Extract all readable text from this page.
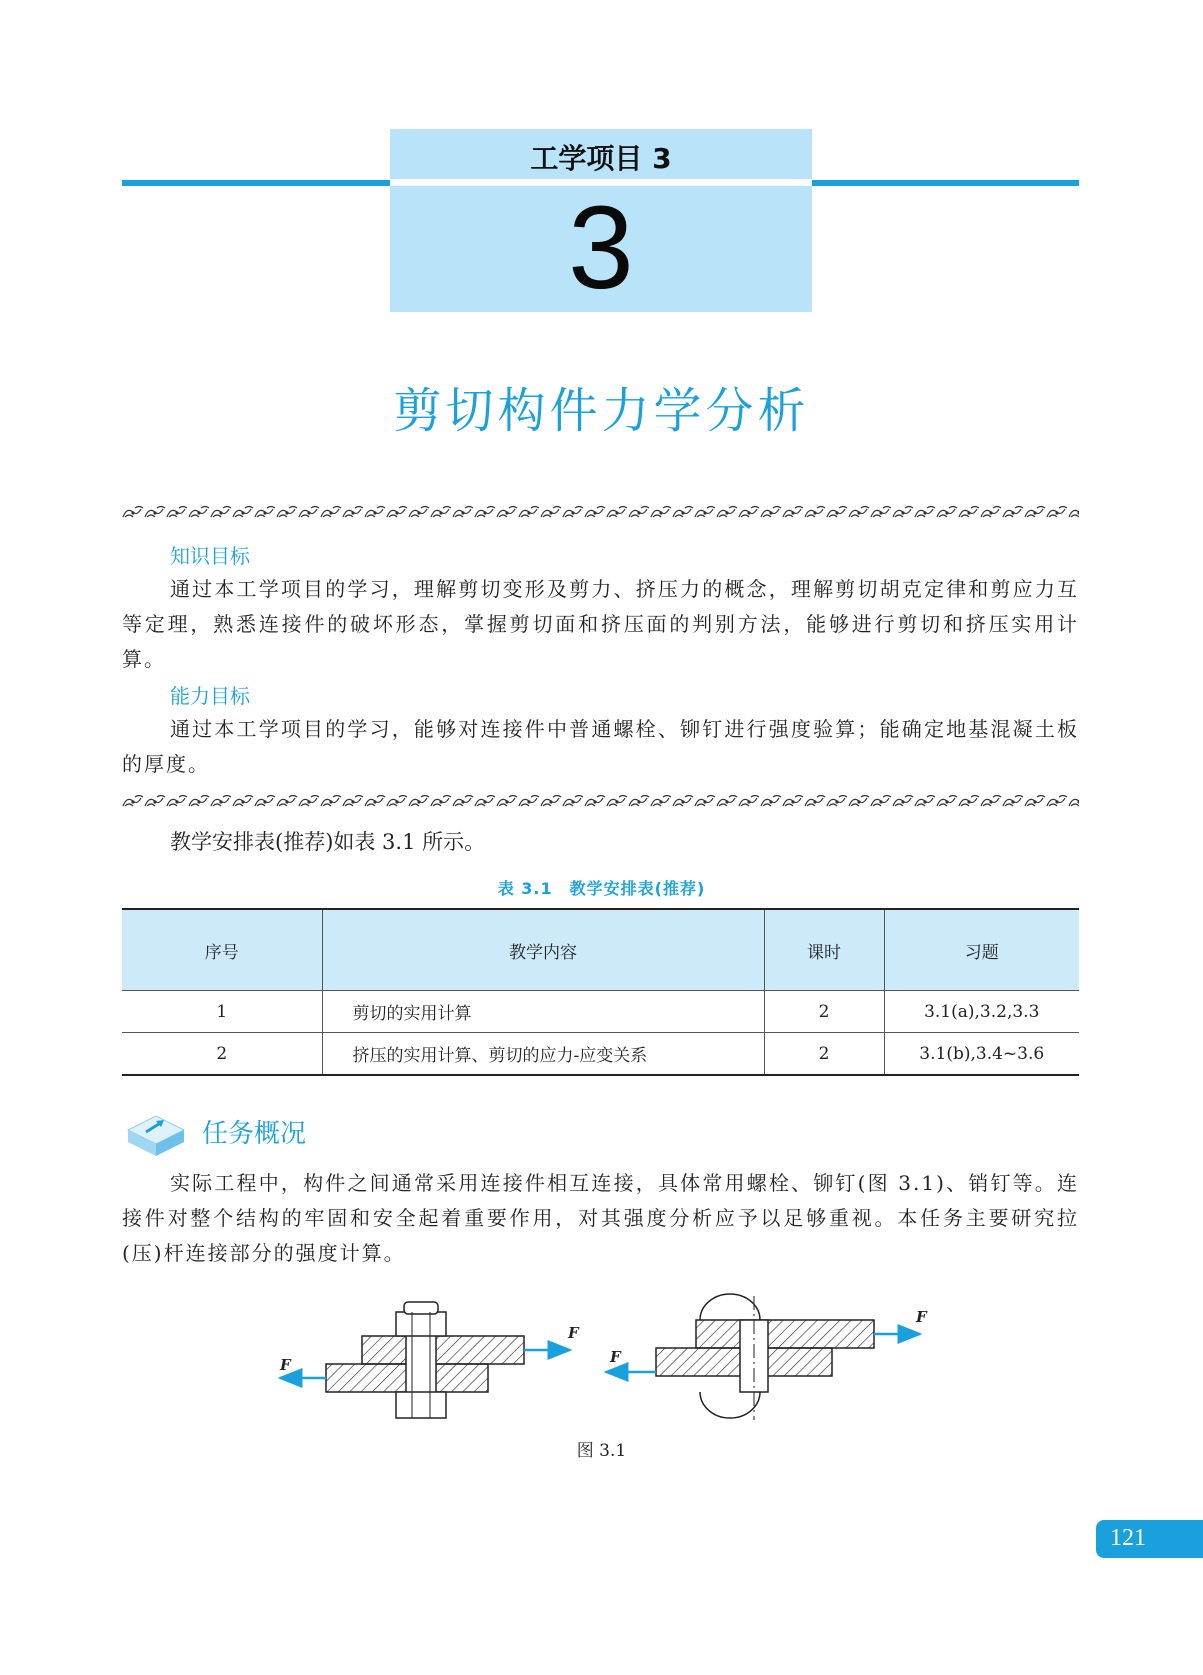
工学项目 3
3
剪切构件力学分析
知识目标
通过本工学项目的学习，理解剪切变形及剪力、挤压力的概念，理解剪切胡克定律和剪应力互等定理，熟悉连接件的破坏形态，掌握剪切面和挤压面的判别方法，能够进行剪切和挤压实用计算。
能力目标
通过本工学项目的学习，能够对连接件中普通螺栓、铆钉进行强度验算；能确定地基混凝土板的厚度。
教学安排表(推荐)如表 3.1 所示。
表 3.1　教学安排表(推荐)
序号	教学内容	课时	习题
1	剪切的实用计算	2	3.1(a),3.2,3.3
2	挤压的实用计算、剪切的应力-应变关系	2	3.1(b),3.4~3.6
任务概况
实际工程中，构件之间通常采用连接件相互连接，具体常用螺栓、铆钉(图 3.1)、销钉等。连接件对整个结构的牢固和安全起着重要作用，对其强度分析应予以足够重视。本任务主要研究拉(压)杆连接部分的强度计算。
F
F
F
F
图 3.1
121
